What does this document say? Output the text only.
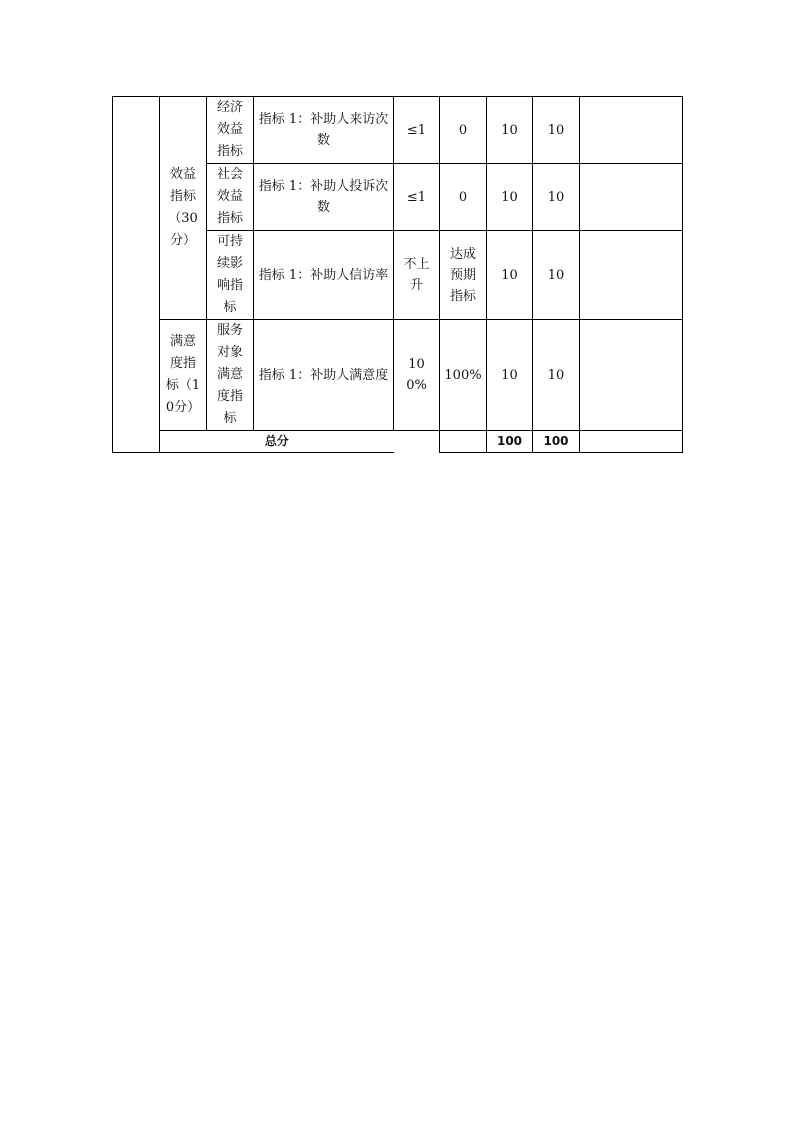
	效益指标（30分）	经济效益指标	指标 1：补助人来访次数	≤1	0	10	10	
		社会效益指标	指标 1：补助人投诉次数	≤1	0	10	10	
		可持续影响指标	指标 1：补助人信访率	不上升	达成预期指标	10	10	
	满意度指标（10分）	服务对象满意度指标	指标 1：补助人满意度	100%	100%	10	10	
	总分					100	100	
